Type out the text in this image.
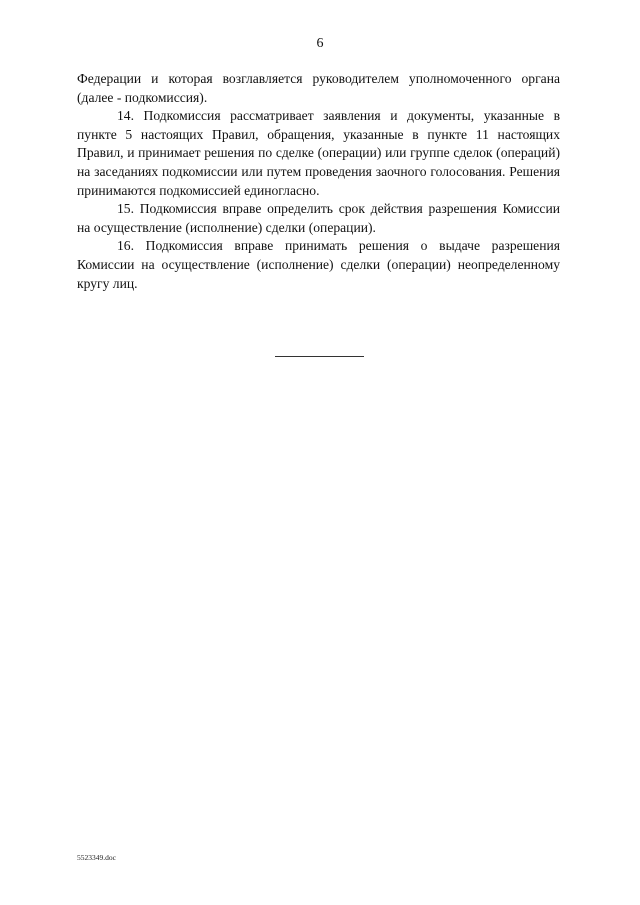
6

Федерации и которая возглавляется руководителем уполномоченного органа (далее - подкомиссия).

14. Подкомиссия рассматривает заявления и документы, указанные в пункте 5 настоящих Правил, обращения, указанные в пункте 11 настоящих Правил, и принимает решения по сделке (операции) или группе сделок (операций) на заседаниях подкомиссии или путем проведения заочного голосования. Решения принимаются подкомиссией единогласно.

15. Подкомиссия вправе определить срок действия разрешения Комиссии на осуществление (исполнение) сделки (операции).

16. Подкомиссия вправе принимать решения о выдаче разрешения Комиссии на осуществление (исполнение) сделки (операции) неопределенному кругу лиц.

5523349.doc
